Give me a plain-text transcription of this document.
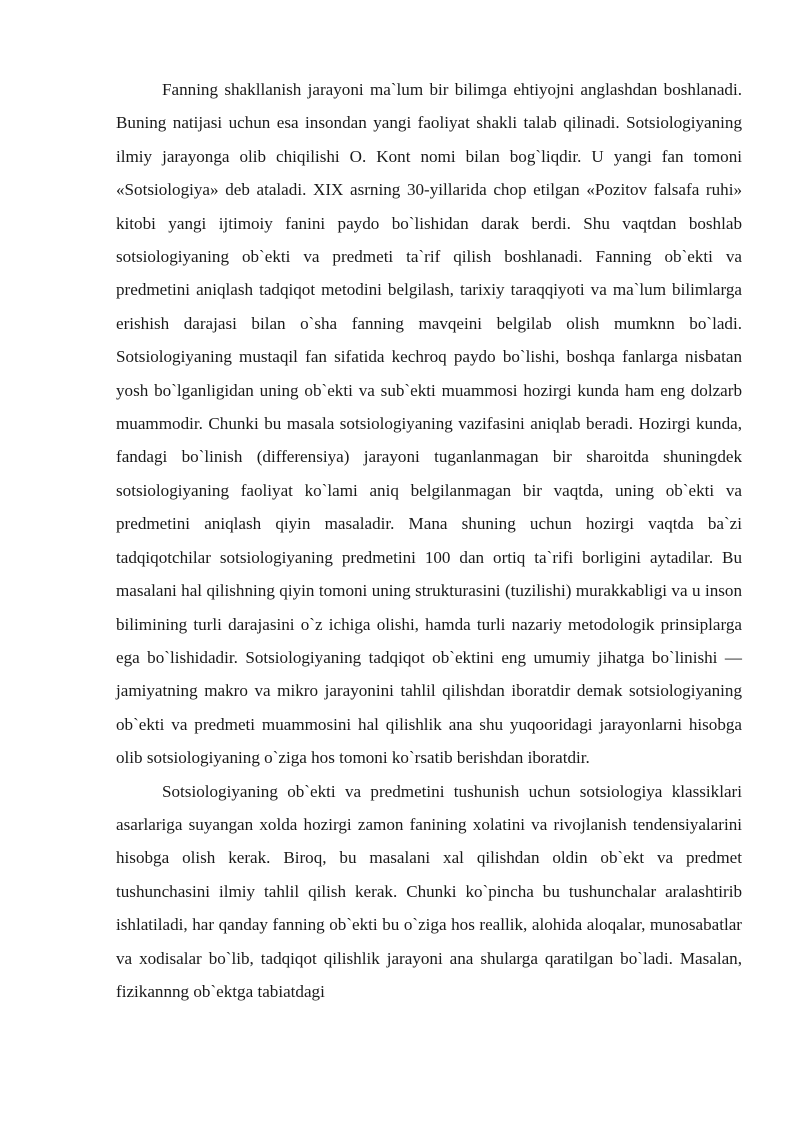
Fanning shakllanish jarayoni ma`lum bir bilimga ehtiyojni anglashdan boshlanadi. Buning natijasi uchun esa insondan yangi faoliyat shakli talab qilinadi. Sotsiologiyaning ilmiy jarayonga olib chiqilishi O. Kont nomi bilan bog`liqdir. U yangi fan tomoni «Sotsiologiya» deb ataladi. XIX asrning 30-yillarida chop etilgan «Pozitov falsafa ruhi» kitobi yangi ijtimoiy fanini paydo bo`lishidan darak berdi. Shu vaqtdan boshlab sotsiologiyaning ob`ekti va predmeti ta`rif qilish boshlanadi. Fanning ob`ekti va predmetini aniqlash tadqiqot metodini belgilash, tarixiy taraqqiyoti va ma`lum bilimlarga erishish darajasi bilan o`sha fanning mavqeini belgilab olish mumknn bo`ladi. Sotsiologiyaning mustaqil fan sifatida kechroq paydo bo`lishi, boshqa fanlarga nisbatan yosh bo`lganligidan uning ob`ekti va sub`ekti muammosi hozirgi kunda ham eng dolzarb muammodir. Chunki bu masala sotsiologiyaning vazifasini aniqlab beradi. Hozirgi kunda, fandagi bo`linish (differensiya) jarayoni tuganlanmagan bir sharoitda shuningdek sotsiologiyaning faoliyat ko`lami aniq belgilanmagan bir vaqtda, uning ob`ekti va predmetini aniqlash qiyin masaladir. Mana shuning uchun hozirgi vaqtda ba`zi tadqiqotchilar sotsiologiyaning predmetini 100 dan ortiq ta`rifi borligini aytadilar. Bu masalani hal qilishning qiyin tomoni uning strukturasini (tuzilishi) murakkabligi va u inson bilimining turli darajasini o`z ichiga olishi, hamda turli nazariy metodologik prinsiplarga ega bo`lishidadir. Sotsiologiyaning tadqiqot ob`ektini eng umumiy jihatga bo`linishi — jamiyatning makro va mikro jarayonini tahlil qilishdan iboratdir demak sotsiologiyaning ob`ekti va predmeti muammosini hal qilishlik ana shu yuqooridagi jarayonlarni hisobga olib sotsiologiyaning o`ziga hos tomoni ko`rsatib berishdan iboratdir.

Sotsiologiyaning ob`ekti va predmetini tushunish uchun sotsiologiya klassiklari asarlariga suyangan xolda hozirgi zamon fanining xolatini va rivojlanish tendensiyalarini hisobga olish kerak. Biroq, bu masalani xal qilishdan oldin ob`ekt va predmet tushunchasini ilmiy tahlil qilish kerak. Chunki ko`pincha bu tushunchalar aralashtirib ishlatiladi, har qanday fanning ob`ekti bu o`ziga hos reallik, alohida aloqalar, munosabatlar va xodisalar bo`lib, tadqiqot qilishlik jarayoni ana shularga qaratilgan bo`ladi. Masalan, fizikannng ob`ektga tabiatdagi
